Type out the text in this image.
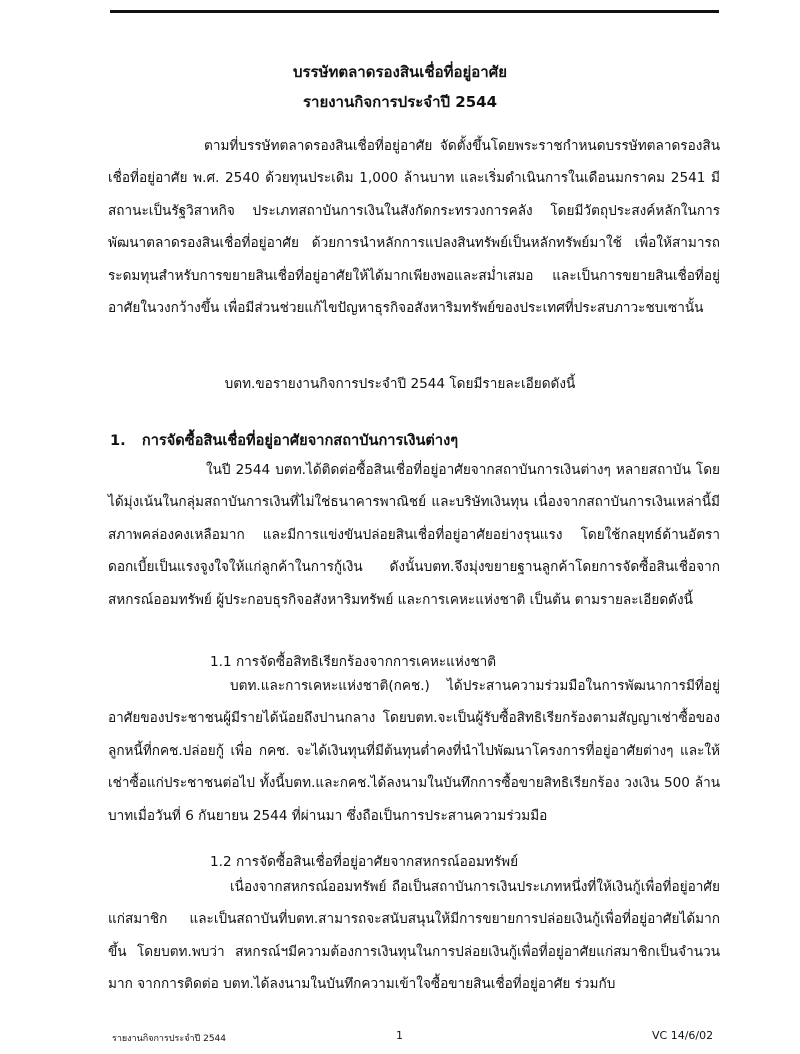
บรรษัทตลาดรองสินเชื่อที่อยู่อาศัย
รายงานกิจการประจำปี 2544

ตามที่บรรษัทตลาดรองสินเชื่อที่อยู่อาศัย จัดตั้งขึ้นโดยพระราชกำหนดบรรษัทตลาดรองสินเชื่อที่อยู่อาศัย พ.ศ. 2540 ด้วยทุนประเดิม 1,000 ล้านบาท และเริ่มดำเนินการในเดือนมกราคม 2541 มีสถานะเป็นรัฐวิสาหกิจ ประเภทสถาบันการเงินในสังกัดกระทรวงการคลัง โดยมีวัตถุประสงค์หลักในการพัฒนาตลาดรองสินเชื่อที่อยู่อาศัย ด้วยการนำหลักการแปลงสินทรัพย์เป็นหลักทรัพย์มาใช้ เพื่อให้สามารถระดมทุนสำหรับการขยายสินเชื่อที่อยู่อาศัยให้ได้มากเพียงพอและสม่ำเสมอ และเป็นการขยายสินเชื่อที่อยู่อาศัยในวงกว้างขึ้น เพื่อมีส่วนช่วยแก้ไขปัญหาธุรกิจอสังหาริมทรัพย์ของประเทศที่ประสบภาวะชบเซานั้น

บตท.ขอรายงานกิจการประจำปี 2544 โดยมีรายละเอียดดังนี้
1. การจัดซื้อสินเชื่อที่อยู่อาศัยจากสถาบันการเงินต่างๆ

ในปี 2544 บตท.ได้ติดต่อซื้อสินเชื่อที่อยู่อาศัยจากสถาบันการเงินต่างๆ หลายสถาบัน โดยได้มุ่งเน้นในกลุ่มสถาบันการเงินที่ไม่ใช่ธนาคารพาณิชย์ และบริษัทเงินทุน เนื่องจากสถาบันการเงินเหล่านี้มีสภาพคล่องคงเหลือมาก และมีการแข่งขันปล่อยสินเชื่อที่อยู่อาศัยอย่างรุนแรง โดยใช้กลยุทธ์ด้านอัตราดอกเบี้ยเป็นแรงจูงใจให้แก่ลูกค้าในการกู้เงิน ดังนั้นบตท.จึงมุ่งขยายฐานลูกค้าโดยการจัดซื้อสินเชื่อจากสหกรณ์ออมทรัพย์ ผู้ประกอบธุรกิจอสังหาริมทรัพย์ และการเคหะแห่งชาติ เป็นต้น ตามรายละเอียดดังนี้

1.1 การจัดซื้อสิทธิเรียกร้องจากการเคหะแห่งชาติ

บตท.และการเคหะแห่งชาติ(กคช.) ได้ประสานความร่วมมือในการพัฒนาการมีที่อยู่อาศัยของประชาชนผู้มีรายได้น้อยถึงปานกลาง โดยบตท.จะเป็นผู้รับซื้อสิทธิเรียกร้องตามสัญญาเช่าซื้อของลูกหนี้ที่กคช.ปล่อยกู้ เพื่อ กคช. จะได้เงินทุนที่มีต้นทุนต่ำคงที่นำไปพัฒนาโครงการที่อยู่อาศัยต่างๆ และให้เช่าซื้อแก่ประชาชนต่อไป ทั้งนี้บตท.และกคช.ได้ลงนามในบันทึกการซื้อขายสิทธิเรียกร้อง วงเงิน 500 ล้านบาทเมื่อวันที่ 6 กันยายน 2544 ที่ผ่านมา ซึ่งถือเป็นการประสานความร่วมมือ

1.2 การจัดซื้อสินเชื่อที่อยู่อาศัยจากสหกรณ์ออมทรัพย์

เนื่องจากสหกรณ์ออมทรัพย์ ถือเป็นสถาบันการเงินประเภทหนึ่งที่ให้เงินกู้เพื่อที่อยู่อาศัยแก่สมาชิก และเป็นสถาบันที่บตท.สามารถจะสนับสนุนให้มีการขยายการปล่อยเงินกู้เพื่อที่อยู่อาศัยได้มากขึ้น โดยบตท.พบว่า สหกรณ์ฯมีความต้องการเงินทุนในการปล่อยเงินกู้เพื่อที่อยู่อาศัยแก่สมาชิกเป็นจำนวนมาก จากการติดต่อ บตท.ได้ลงนามในบันทึกความเข้าใจซื้อขายสินเชื่อที่อยู่อาศัย ร่วมกับ

รายงานกิจการประจำปี 2544	1	VC 14/6/02
